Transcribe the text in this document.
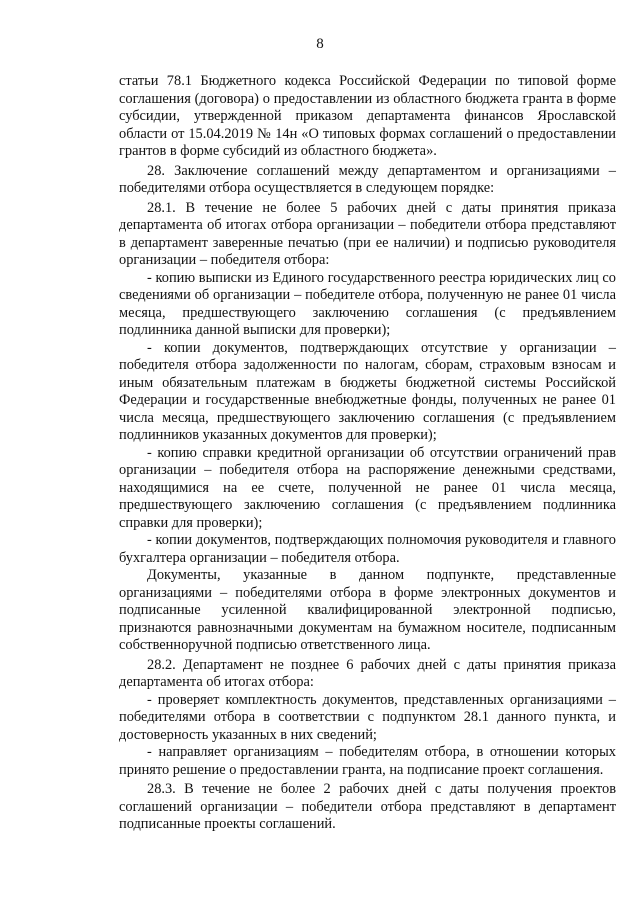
8

статьи 78.1 Бюджетного кодекса Российской Федерации по типовой форме соглашения (договора) о предоставлении из областного бюджета гранта в форме субсидии, утвержденной приказом департамента финансов Ярославской области от 15.04.2019 № 14н «О типовых формах соглашений о предоставлении грантов в форме субсидий из областного бюджета».

28. Заключение соглашений между департаментом и организациями – победителями отбора осуществляется в следующем порядке:

28.1. В течение не более 5 рабочих дней с даты принятия приказа департамента об итогах отбора организации – победители отбора представляют в департамент заверенные печатью (при ее наличии) и подписью руководителя организации – победителя отбора:

- копию выписки из Единого государственного реестра юридических лиц со сведениями об организации – победителе отбора, полученную не ранее 01 числа месяца, предшествующего заключению соглашения (с предъявлением подлинника данной выписки для проверки);

- копии документов, подтверждающих отсутствие у организации – победителя отбора задолженности по налогам, сборам, страховым взносам и иным обязательным платежам в бюджеты бюджетной системы Российской Федерации и государственные внебюджетные фонды, полученных не ранее 01 числа месяца, предшествующего заключению соглашения (с предъявлением подлинников указанных документов для проверки);

- копию справки кредитной организации об отсутствии ограничений прав организации – победителя отбора на распоряжение денежными средствами, находящимися на ее счете, полученной не ранее 01 числа месяца, предшествующего заключению соглашения (с предъявлением подлинника справки для проверки);

- копии документов, подтверждающих полномочия руководителя и главного бухгалтера организации – победителя отбора.

Документы, указанные в данном подпункте, представленные организациями – победителями отбора в форме электронных документов и подписанные усиленной квалифицированной электронной подписью, признаются равнозначными документам на бумажном носителе, подписанным собственноручной подписью ответственного лица.

28.2. Департамент не позднее 6 рабочих дней с даты принятия приказа департамента об итогах отбора:

- проверяет комплектность документов, представленных организациями – победителями отбора в соответствии с подпунктом 28.1 данного пункта, и достоверность указанных в них сведений;

- направляет организациям – победителям отбора, в отношении которых принято решение о предоставлении гранта, на подписание проект соглашения.

28.3. В течение не более 2 рабочих дней с даты получения проектов соглашений организации – победители отбора представляют в департамент подписанные проекты соглашений.
